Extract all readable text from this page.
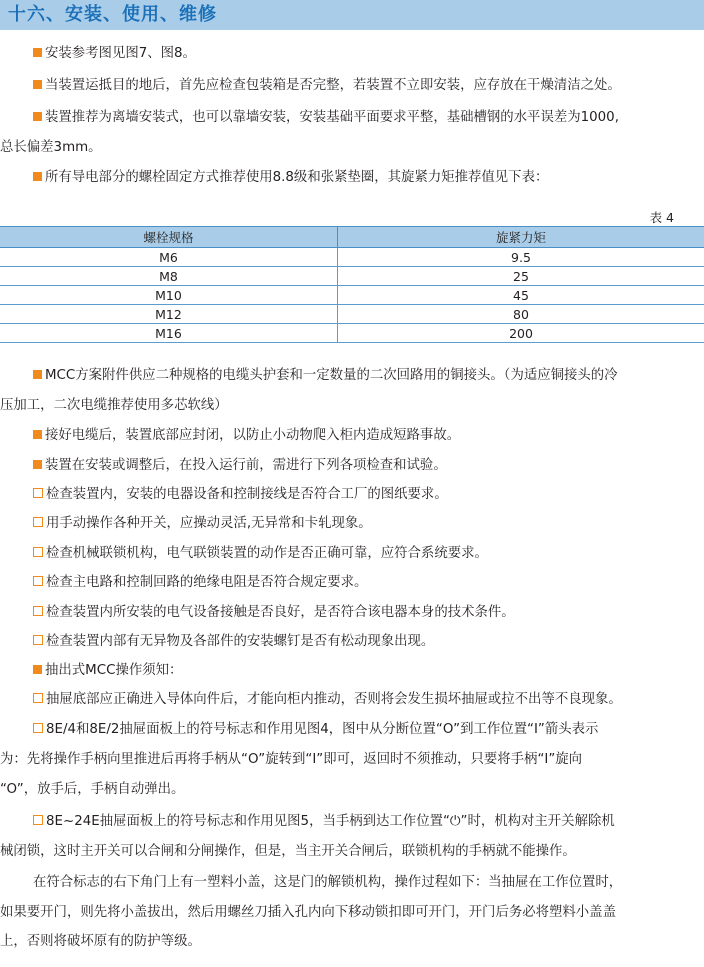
十六、安装、使用、维修
安装参考图见图7、图8。
当装置运抵目的地后，首先应检查包装箱是否完整，若装置不立即安装，应存放在干燥清洁之处。
装置推荐为离墙安装式，也可以靠墙安装，安装基础平面要求平整，基础槽钢的水平误差为1000,
总长偏差3mm。
所有导电部分的螺栓固定方式推荐使用8.8级和张紧垫圈，其旋紧力矩推荐值见下表：
表 4
螺栓规格	旋紧力矩
M6	9.5
M8	25
M10	45
M12	80
M16	200
MCC方案附件供应二种规格的电缆头护套和一定数量的二次回路用的铜接头。（为适应铜接头的冷
压加工，二次电缆推荐使用多芯软线）
接好电缆后，装置底部应封闭，以防止小动物爬入柜内造成短路事故。
装置在安装或调整后，在投入运行前，需进行下列各项检查和试验。
检查装置内，安装的电器设备和控制接线是否符合工厂的图纸要求。
用手动操作各种开关，应操动灵活,无异常和卡轧现象。
检查机械联锁机构，电气联锁装置的动作是否正确可靠，应符合系统要求。
检查主电路和控制回路的绝缘电阻是否符合规定要求。
检查装置内所安装的电气设备接触是否良好，是否符合该电器本身的技术条件。
检查装置内部有无异物及各部件的安装螺钉是否有松动现象出现。
抽出式MCC操作须知：
抽屉底部应正确进入导体向件后，才能向柜内推动，否则将会发生损坏抽屉或拉不出等不良现象。
8E/4和8E/2抽屉面板上的符号标志和作用见图4，图中从分断位置“O”到工作位置“I”箭头表示
为：先将操作手柄向里推进后再将手柄从“O”旋转到“I”即可，返回时不须推动，只要将手柄“I”旋向
“O”，放手后，手柄自动弹出。
8E~24E抽屉面板上的符号标志和作用见图5，当手柄到达工作位置“⏻”时，机构对主开关解除机
械闭锁，这时主开关可以合闸和分闸操作，但是，当主开关合闸后，联锁机构的手柄就不能操作。
在符合标志的右下角门上有一塑料小盖，这是门的解锁机构，操作过程如下：当抽屉在工作位置时，
如果要开门，则先将小盖拔出，然后用螺丝刀插入孔内向下移动锁扣即可开门，开门后务必将塑料小盖盖
上，否则将破坏原有的防护等级。
